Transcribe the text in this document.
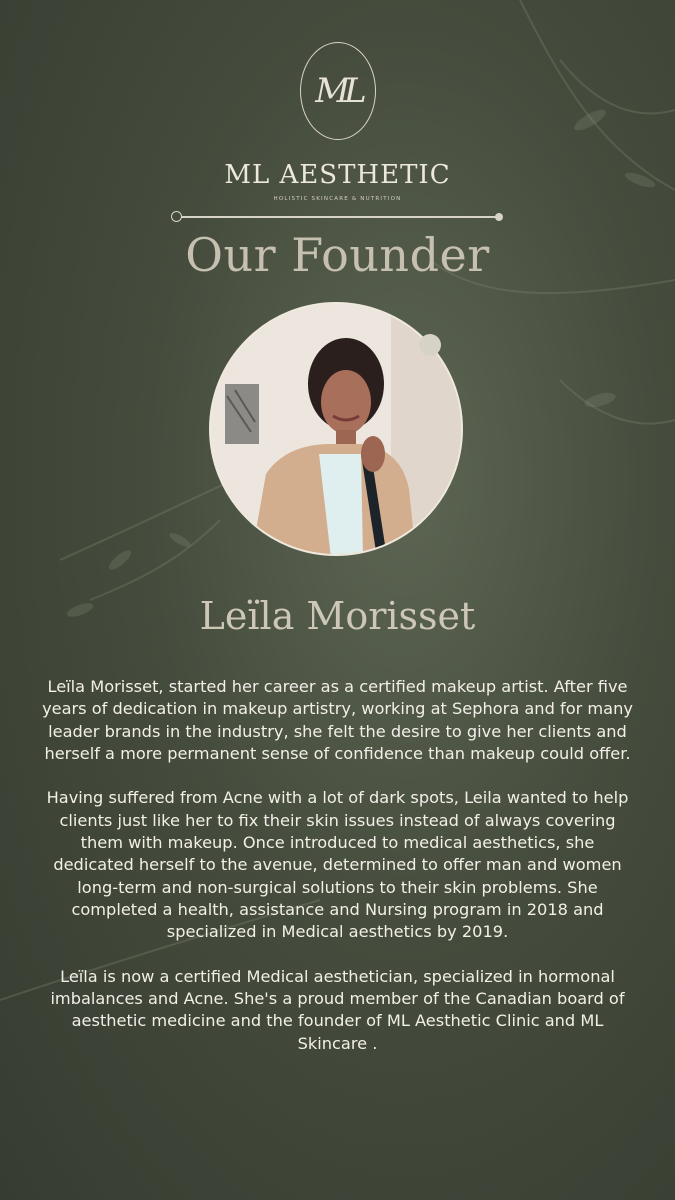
ML
ML AESTHETIC
HOLISTIC SKINCARE & NUTRITION
Our Founder
Leïla Morisset

Leïla Morisset, started her career as a certified makeup artist. After five years of dedication in makeup artistry, working at Sephora and for many leader brands in the industry, she felt the desire to give her clients and herself a more permanent sense of confidence than makeup could offer.

Having suffered from Acne with a lot of dark spots, Leila wanted to help clients just like her to fix their skin issues instead of always covering them with makeup. Once introduced to medical aesthetics, she dedicated herself to the avenue, determined to offer man and women long-term and non-surgical solutions to their skin problems. She completed a health, assistance and Nursing program in 2018 and specialized in Medical aesthetics by 2019.

Leïla is now a certified Medical aesthetician, specialized in hormonal imbalances and Acne. She's a proud member of the Canadian board of aesthetic medicine and the founder of ML Aesthetic Clinic and ML Skincare .
